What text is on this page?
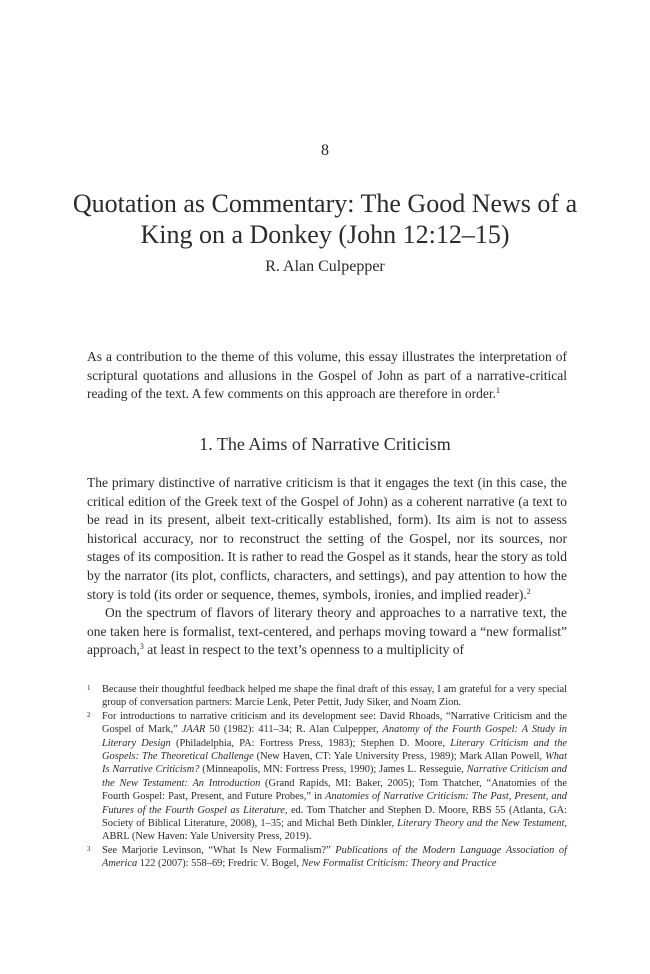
8
Quotation as Commentary: The Good News of a
King on a Donkey (John 12:12–15)
R. Alan Culpepper

As a contribution to the theme of this volume, this essay illustrates the interpretation of scriptural quotations and allusions in the Gospel of John as part of a narrative-critical reading of the text. A few comments on this approach are therefore in order.$^1$

1. The Aims of Narrative Criticism

The primary distinctive of narrative criticism is that it engages the text (in this case, the critical edition of the Greek text of the Gospel of John) as a coherent narrative (a text to be read in its present, albeit text-critically established, form). Its aim is not to assess historical accuracy, nor to reconstruct the setting of the Gospel, nor its sources, nor stages of its composition. It is rather to read the Gospel as it stands, hear the story as told by the narrator (its plot, conflicts, characters, and settings), and pay attention to how the story is told (its order or sequence, themes, symbols, ironies, and implied reader).$^2$

On the spectrum of flavors of literary theory and approaches to a narrative text, the one taken here is formalist, text-centered, and perhaps moving toward a “new formalist” approach,$^3$ at least in respect to the text’s openness to a multiplicity of

1 Because their thoughtful feedback helped me shape the final draft of this essay, I am grateful for a very special group of conversation partners: Marcie Lenk, Peter Pettit, Judy Siker, and Noam Zion.
2 For introductions to narrative criticism and its development see: David Rhoads, “Narrative Criticism and the Gospel of Mark,” JAAR 50 (1982): 411–34; R. Alan Culpepper, Anatomy of the Fourth Gospel: A Study in Literary Design (Philadelphia, PA: Fortress Press, 1983); Stephen D. Moore, Literary Criticism and the Gospels: The Theoretical Challenge (New Haven, CT: Yale University Press, 1989); Mark Allan Powell, What Is Narrative Criticism? (Minneapolis, MN: Fortress Press, 1990); James L. Resseguie, Narrative Criticism and the New Testament: An Introduction (Grand Rapids, MI: Baker, 2005); Tom Thatcher, “Anatomies of the Fourth Gospel: Past, Present, and Future Probes,” in Anatomies of Narrative Criticism: The Past, Present, and Futures of the Fourth Gospel as Literature, ed. Tom Thatcher and Stephen D. Moore, RBS 55 (Atlanta, GA: Society of Biblical Literature, 2008), 1–35; and Michal Beth Dinkler, Literary Theory and the New Testament, ABRL (New Haven: Yale University Press, 2019).
3 See Marjorie Levinson, “What Is New Formalism?” Publications of the Modern Language Association of America 122 (2007): 558–69; Fredric V. Bogel, New Formalist Criticism: Theory and Practice
